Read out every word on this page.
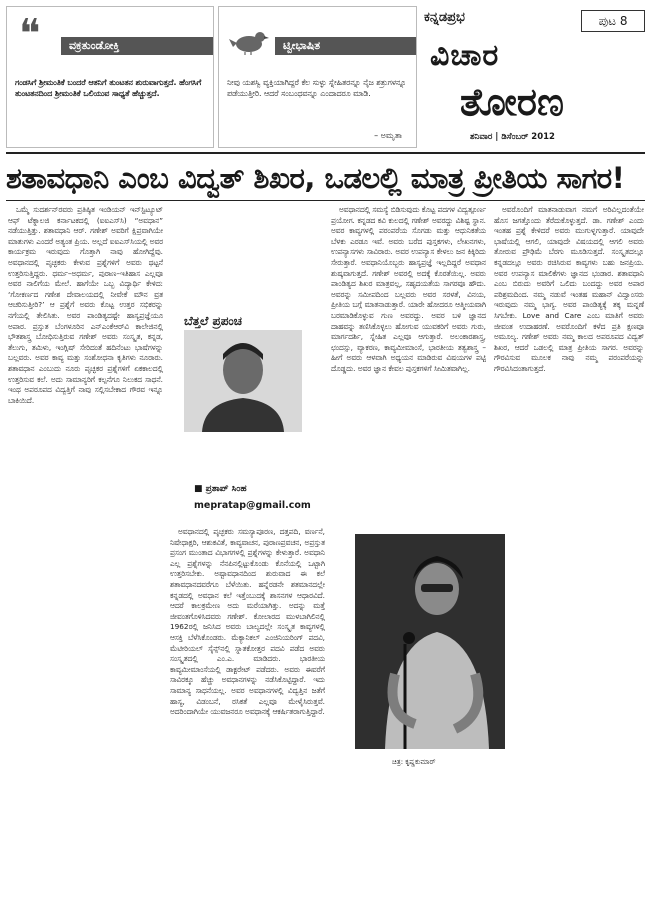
❝	ವಕ್ರತುಂಡೋಕ್ತಿ
ಗಂಡಸಿಗೆ ಶ್ರೀಮಂತಿಕೆ ಬಂದರೆ ಆತನಿಗೆ ತುಂಟತನ ಶುರುವಾಗುತ್ತದೆ. ಹೆಂಗಸಿಗೆ ತುಂಟತನದಿಂದ ಶ್ರೀಮಂತಿಕೆ ಒಲಿಯುವ ಸಾಧ್ಯತೆ ಹೆಚ್ಚುತ್ತದೆ.
ಟ್ವೀಭಾಷಿತ
ನೀವು ಯಶಸ್ವಿ ವ್ಯಕ್ತಿಯಾಗಿದ್ದರೆ ಕೆಲ ಸುಳ್ಳು ಸ್ನೇಹಿತರನ್ನೂ ನೈಜ ಶತ್ರುಗಳನ್ನೂ ಪಡೆಯುತ್ತೀರಿ. ಆದರೆ ಸಂಬಂಧವನ್ನೂ ಎಂದಾದರೂ ಮಾಡಿ.
– ಅಮೃತಾ
ಕನ್ನಡಪ್ರಭ	ಪುಟ 8
ವಿಚಾರ
ತೋರಣ
ಶನಿವಾರ | ಡಿಸೆಂಬರ್ 2012
ಶತಾವಧಾನಿ ಎಂಬ ವಿದ್ವತ್ ಶಿಖರ, ಒಡಲಲ್ಲಿ ಮಾತ್ರ ಪ್ರೀತಿಯ ಸಾಗರ!

ಒಮ್ಮೆ ಸುದರ್ಶನ್‌ರವರು ಪ್ರತಿಷ್ಠಿತ ಇಂಡಿಯನ್ ಇನ್‌ಸ್ಟಿಟ್ಯೂಟ್ ಆಫ್ ಟೆಕ್ನಾಲಜಿ ಕರ್ನಾಟಕದಲ್ಲಿ (ಐಐಎಸ್‌ಸಿ) “ಅವಧಾನ” ನಡೆಯುತ್ತಿತ್ತು. ಶತಾವಧಾನಿ ಆರ್. ಗಣೇಶ್ ಅವರಿಗೆ ಕ್ಷಿಪ್ರವಾಗಿಯೇ ಮಾತುಗಳು ಎಂದರೆ ಅತ್ಯಂತ ಪ್ರಿಯ. ಅಲ್ಲದೆ ಐಐಎಸ್‌ಸಿಯಲ್ಲಿ ಅವರ ಕಾರ್ಯಕ್ರಮ ಇರುವುದು ಗೊತ್ತಾಗಿ ನಾವು ಹೋಗಿದ್ದೆವು. ಅವಧಾನದಲ್ಲಿ ಪೃಚ್ಛಕರು ಕೇಳುವ ಪ್ರಶ್ನೆಗಳಿಗೆ ಅವರು ಥಟ್ಟನೆ ಉತ್ತರಿಸುತ್ತಿದ್ದರು. ಧರ್ಮ–ಅಧರ್ಮ, ಪುರಾಣ–ಇತಿಹಾಸ ಎಲ್ಲವೂ ಅವರ ನಾಲಿಗೆಯ ಮೇಲೆ. ಹಾಗೆಯೇ ಒಬ್ಬ ವಿದ್ಯಾರ್ಥಿ ಕೇಳಿದ: ‘ಗೋಕರ್ಣದ ಗಣೇಶ ದೇವಾಲಯದಲ್ಲಿ ನೀವೇಕೆ ಮೌನ ವ್ರತ ಆಚರಿಸುತ್ತೀರಿ?’ ಆ ಪ್ರಶ್ನೆಗೆ ಅವರು ಕೊಟ್ಟ ಉತ್ತರ ಸಭಿಕರನ್ನು ನಗೆಯಲ್ಲಿ ತೇಲಿಸಿತು. ಅವರ ಪಾಂಡಿತ್ಯದಷ್ಟೇ ಹಾಸ್ಯಪ್ರಜ್ಞೆಯೂ ಅಪಾರ. ಪ್ರಸ್ತುತ ಬೆಂಗಳೂರಿನ ಎನ್‌ಎಂಕೆಆರ್‌ವಿ ಕಾಲೇಜಿನಲ್ಲಿ ಭೌತಶಾಸ್ತ್ರ ಬೋಧಿಸುತ್ತಿರುವ ಗಣೇಶ್ ಅವರು ಸಂಸ್ಕೃತ, ಕನ್ನಡ, ತೆಲುಗು, ತಮಿಳು, ಇಂಗ್ಲಿಷ್ ಸೇರಿದಂತೆ ಹದಿನೆಂಟು ಭಾಷೆಗಳನ್ನು ಬಲ್ಲವರು. ಅವರ ಕಾವ್ಯ ಮತ್ತು ಸಂಶೋಧನಾ ಕೃತಿಗಳು ನೂರಾರು. ಶತಾವಧಾನ ಎಂಬುದು ನೂರು ಪೃಚ್ಛಕರ ಪ್ರಶ್ನೆಗಳಿಗೆ ಏಕಕಾಲದಲ್ಲಿ ಉತ್ತರಿಸುವ ಕಲೆ. ಅದು ಸಾಮಾನ್ಯರಿಗೆ ಕಲ್ಪನೆಗೂ ನಿಲುಕದ ಸಾಧನೆ. ಇಂಥ ಅಪರೂಪದ ವಿದ್ವತ್ತಿಗೆ ನಾವು ಸಲ್ಲಿಸಬೇಕಾದ ಗೌರವ ಇನ್ನೂ ಬಾಕಿಯಿದೆ.

ಅವಧಾನದಲ್ಲಿ ಪೃಚ್ಛಕರು ಸಮಸ್ಯಾಪೂರಣ, ದತ್ತಪದಿ, ವರ್ಣನೆ, ನಿಷೇಧಾಕ್ಷರಿ, ಆಶುಕವಿತೆ, ಕಾವ್ಯವಾಚನ, ಪುರಾಣಪ್ರವಚನ, ಅಪ್ರಸ್ತುತ ಪ್ರಸಂಗ ಮುಂತಾದ ವಿಭಾಗಗಳಲ್ಲಿ ಪ್ರಶ್ನೆಗಳನ್ನು ಕೇಳುತ್ತಾರೆ. ಅವಧಾನಿ ಎಲ್ಲ ಪ್ರಶ್ನೆಗಳನ್ನು ನೆನಪಿನಲ್ಲಿಟ್ಟುಕೊಂಡು ಕೊನೆಯಲ್ಲಿ ಒಟ್ಟಾಗಿ ಉತ್ತರಿಸಬೇಕು. ಅಷ್ಟಾವಧಾನದಿಂದ ಶುರುವಾದ ಈ ಕಲೆ ಶತಾವಧಾನದವರೆಗೂ ಬೆಳೆಯಿತು. ಹನ್ನೆರಡನೇ ಶತಮಾನದಲ್ಲೇ ಕನ್ನಡದಲ್ಲಿ ಅವಧಾನ ಕಲೆ ಇತ್ತೆಂಬುದಕ್ಕೆ ಶಾಸನಗಳ ಆಧಾರವಿದೆ. ಆದರೆ ಕಾಲಕ್ರಮೇಣ ಅದು ಮರೆಯಾಗಿತ್ತು. ಅದನ್ನು ಮತ್ತೆ ಜೀವಂತಗೊಳಿಸಿದವರು ಗಣೇಶ್. ಕೋಲಾರದ ಮುಳಬಾಗಿಲಿನಲ್ಲಿ 1962ರಲ್ಲಿ ಜನಿಸಿದ ಅವರು ಬಾಲ್ಯದಲ್ಲೇ ಸಂಸ್ಕೃತ ಕಾವ್ಯಗಳಲ್ಲಿ ಆಸಕ್ತಿ ಬೆಳೆಸಿಕೊಂಡರು. ಮೆಕ್ಯಾನಿಕಲ್ ಎಂಜಿನಿಯರಿಂಗ್ ಪದವಿ, ಮೆಟೀರಿಯಲ್ ಸೈನ್ಸ್‌ನಲ್ಲಿ ಸ್ನಾತಕೋತ್ತರ ಪದವಿ ಪಡೆದ ಅವರು ಸಂಸ್ಕೃತದಲ್ಲಿ ಎಂ.ಎ. ಮಾಡಿದರು. ಭಾರತೀಯ ಕಾವ್ಯಮೀಮಾಂಸೆಯಲ್ಲಿ ಡಾಕ್ಟರೇಟ್ ಪಡೆದರು. ಅವರು ಈವರೆಗೆ ಸಾವಿರಕ್ಕೂ ಹೆಚ್ಚು ಅವಧಾನಗಳನ್ನು ನಡೆಸಿಕೊಟ್ಟಿದ್ದಾರೆ. ಇದು ಸಾಮಾನ್ಯ ಸಾಧನೆಯಲ್ಲ. ಅವರ ಅವಧಾನಗಳಲ್ಲಿ ವಿದ್ವತ್ತಿನ ಜತೆಗೆ ಹಾಸ್ಯ, ವಿಡಂಬನೆ, ರಸಿಕತೆ ಎಲ್ಲವೂ ಮೇಳೈಸಿರುತ್ತವೆ. ಅದರಿಂದಾಗಿಯೇ ಯುವಜನರೂ ಅವಧಾನಕ್ಕೆ ಆಕರ್ಷಿತರಾಗುತ್ತಿದ್ದಾರೆ.

ಅವಧಾನದಲ್ಲಿ ಸಮಸ್ಯೆ ಬಿಡಿಸುವುದು ಕೊಟ್ಟ ಪದಗಳ ವಿದ್ವತ್ಪೂರ್ಣ ಪ್ರಯೋಗ. ಕನ್ನಡದ ಕವಿ ಕುಲದಲ್ಲಿ ಗಣೇಶ್ ಅವರದ್ದು ವಿಶಿಷ್ಟ ಸ್ಥಾನ. ಅವರ ಕಾವ್ಯಗಳಲ್ಲಿ ಪರಂಪರೆಯ ಸೊಗಡು ಮತ್ತು ಆಧುನಿಕತೆಯ ಬೆಳಕು ಎರಡೂ ಇವೆ. ಅವರು ಬರೆದ ಪುಸ್ತಕಗಳು, ಲೇಖನಗಳು, ಉಪನ್ಯಾಸಗಳು ಸಾವಿರಾರು. ಅವರ ಉಪನ್ಯಾಸ ಕೇಳಲು ಜನ ಕಿಕ್ಕಿರಿದು ಸೇರುತ್ತಾರೆ. ಅವಧಾನಿಯೊಬ್ಬರು ಹಾಸ್ಯಪ್ರಜ್ಞೆ ಇಲ್ಲದಿದ್ದರೆ ಅವಧಾನ ಶುಷ್ಕವಾಗುತ್ತದೆ. ಗಣೇಶ್ ಅವರಲ್ಲಿ ಅದಕ್ಕೆ ಕೊರತೆಯಿಲ್ಲ. ಅವರು ಪಾಂಡಿತ್ಯದ ಶಿಖರ ಮಾತ್ರವಲ್ಲ, ಸಹೃದಯತೆಯ ಸಾಗರವೂ ಹೌದು. ಅವರನ್ನು ಸಮೀಪದಿಂದ ಬಲ್ಲವರು ಅವರ ಸರಳತೆ, ವಿನಯ, ಪ್ರೀತಿಯ ಬಗ್ಗೆ ಮಾತನಾಡುತ್ತಾರೆ. ಯಾರೇ ಹೋದರೂ ಆತ್ಮೀಯವಾಗಿ ಬರಮಾಡಿಕೊಳ್ಳುವ ಗುಣ ಅವರದ್ದು. ಅವರ ಬಳಿ ಜ್ಞಾನದ ದಾಹವನ್ನು ತಣಿಸಿಕೊಳ್ಳಲು ಹೋಗುವ ಯುವಕರಿಗೆ ಅವರು ಗುರು, ಮಾರ್ಗದರ್ಶಿ, ಸ್ನೇಹಿತ ಎಲ್ಲವೂ ಆಗುತ್ತಾರೆ. ಅಲಂಕಾರಶಾಸ್ತ್ರ, ಛಂದಸ್ಸು, ವ್ಯಾಕರಣ, ಕಾವ್ಯಮೀಮಾಂಸೆ, ಭಾರತೀಯ ತತ್ವಶಾಸ್ತ್ರ – ಹೀಗೆ ಅವರು ಆಳವಾಗಿ ಅಧ್ಯಯನ ಮಾಡಿರುವ ವಿಷಯಗಳ ಪಟ್ಟಿ ದೊಡ್ಡದು. ಅವರ ಜ್ಞಾನ ಕೇವಲ ಪುಸ್ತಕಗಳಿಗೆ ಸೀಮಿತವಾಗಿಲ್ಲ.

ಅವರೊಂದಿಗೆ ಮಾತನಾಡುವಾಗ ನಮಗೆ ಅರಿವಿಲ್ಲದಂತೆಯೇ ಹೊಸ ಜಗತ್ತೊಂದು ತೆರೆದುಕೊಳ್ಳುತ್ತದೆ. ಡಾ. ಗಣೇಶ್ ಎಂದು ಇಂತಹ ಪ್ರಶ್ನೆ ಕೇಳಿದರೆ ಅವರು ಮುಗುಳ್ನಗುತ್ತಾರೆ. ಯಾವುದೇ ಭಾಷೆಯಲ್ಲಿ ಆಗಲಿ, ಯಾವುದೇ ವಿಷಯದಲ್ಲಿ ಆಗಲಿ ಅವರು ತೋರುವ ಪ್ರೌಢಿಮೆ ಬೆರಗು ಮೂಡಿಸುತ್ತದೆ. ಸಂಸ್ಕೃತದಲ್ಲೂ ಕನ್ನಡದಲ್ಲೂ ಅವರು ರಚಿಸಿರುವ ಕಾವ್ಯಗಳು ಬಹು ಜನಪ್ರಿಯ. ಅವರ ಉಪನ್ಯಾಸ ಮಾಲಿಕೆಗಳು ಜ್ಞಾನದ ಭಂಡಾರ. ಶತಾವಧಾನಿ ಎಂಬ ಬಿರುದು ಅವರಿಗೆ ಒಲಿದು ಬಂದದ್ದು ಅವರ ಅಪಾರ ಪರಿಶ್ರಮದಿಂದ. ನಮ್ಮ ನಡುವೆ ಇಂತಹ ಮಹಾನ್ ವಿದ್ವಾಂಸರು ಇರುವುದು ನಮ್ಮ ಭಾಗ್ಯ. ಅವರ ಪಾಂಡಿತ್ಯಕ್ಕೆ ತಕ್ಕ ಮನ್ನಣೆ ಸಿಗಬೇಕು. Love and Care ಎಂಬ ಮಾತಿಗೆ ಅವರು ಜೀವಂತ ಉದಾಹರಣೆ. ಅವರೊಂದಿಗೆ ಕಳೆದ ಪ್ರತಿ ಕ್ಷಣವೂ ಅಮೂಲ್ಯ. ಗಣೇಶ್ ಅವರು ನಮ್ಮ ಕಾಲದ ಅಪರೂಪದ ವಿದ್ವತ್ ಶಿಖರ, ಆದರೆ ಒಡಲಲ್ಲಿ ಮಾತ್ರ ಪ್ರೀತಿಯ ಸಾಗರ. ಅವರನ್ನು ಗೌರವಿಸುವ ಮೂಲಕ ನಾವು ನಮ್ಮ ಪರಂಪರೆಯನ್ನು ಗೌರವಿಸಿದಂತಾಗುತ್ತದೆ.

ಬೆತ್ತಲೆ ಪ್ರಪಂಚ
■ ಪ್ರತಾಪ್ ಸಿಂಹ
mepratap@gmail.com
ಚಿತ್ರ: ಕೃಷ್ಣಕುಮಾರ್
